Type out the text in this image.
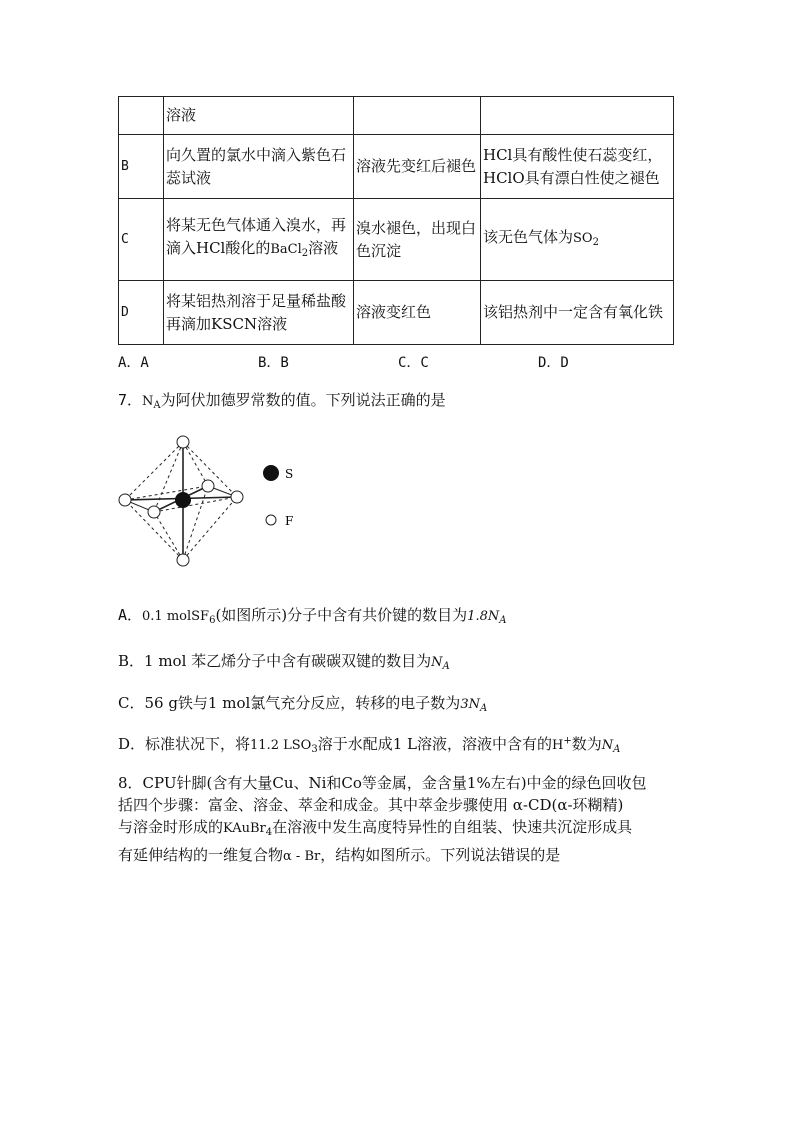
	溶液		
B	向久置的氯水中滴入紫色石蕊试液	溶液先变红后褪色	HCl具有酸性使石蕊变红，HClO具有漂白性使之褪色
C	将某无色气体通入溴水，再滴入HCl酸化的BaCl$_2$溶液	溴水褪色，出现白色沉淀	该无色气体为$SO_2$
D	将某铝热剂溶于足量稀盐酸再滴加KSCN溶液	溶液变红色	该铝热剂中一定含有氧化铁
A．A	B．B	C．C	D．D
7．$N_A$为阿伏加德罗常数的值。下列说法正确的是
S
F
A．0.1 molSF$_6$(如图所示)分子中含有共价键的数目为$1.8N_A$
B．1 mol 苯乙烯分子中含有碳碳双键的数目为$N_A$
C．56 g铁与1 mol氯气充分反应，转移的电子数为$3N_A$
D．标准状况下，将11.2 $LSO_3$溶于水配成1 L溶液，溶液中含有的H+数为$N_A$
8．CPU针脚(含有大量Cu、Ni和Co等金属，金含量1%左右)中金的绿色回收包
括四个步骤：富金、溶金、萃金和成金。其中萃金步骤使用 α-CD(α-环糊精)
与溶金时形成的KAuBr$_4$在溶液中发生高度特异性的自组装、快速共沉淀形成具
有延伸结构的一维复合物α - Br，结构如图所示。下列说法错误的是
